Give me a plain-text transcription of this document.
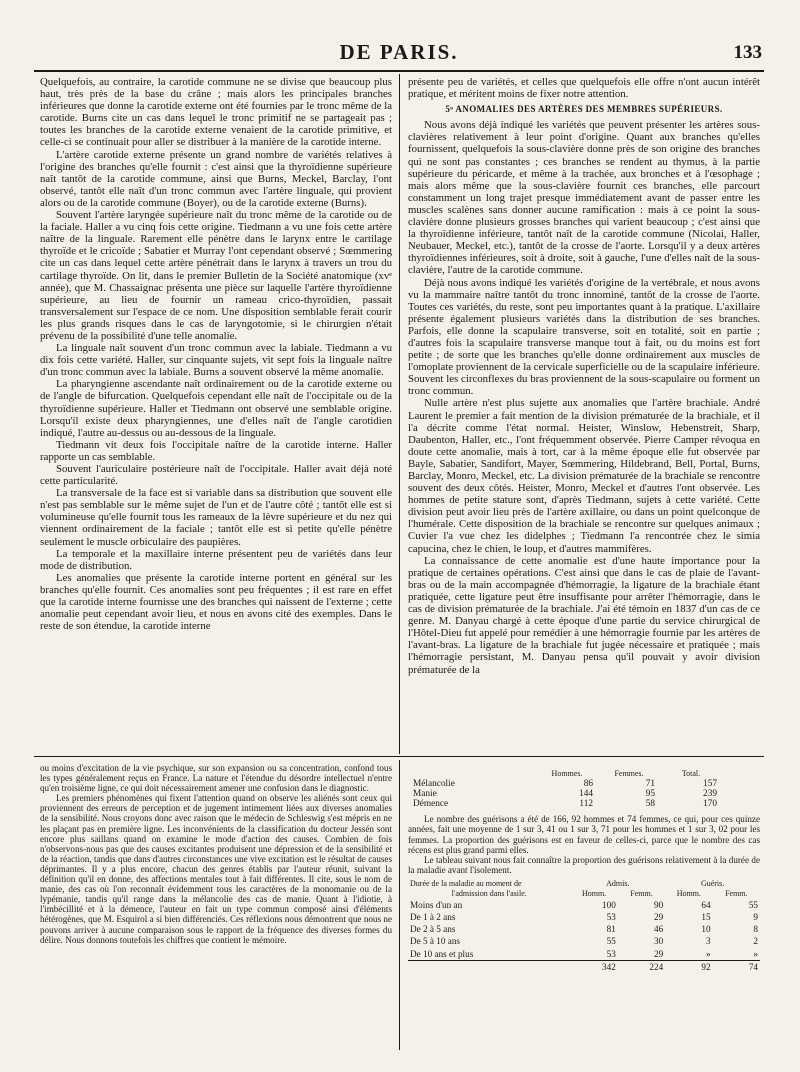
DE PARIS.	133

Quelquefois, au contraire, la carotide commune ne se divise que beaucoup plus haut, très près de la base du crâne ; mais alors les principales branches inférieures que donne la carotide externe ont été fournies par le tronc même de la carotide. Burns cite un cas dans lequel le tronc primitif ne se partageait pas ; toutes les branches de la carotide externe venaient de la carotide primitive, et celle-ci se continuait pour aller se distribuer à la manière de la carotide interne.

L'artère carotide externe présente un grand nombre de variétés relatives à l'origine des branches qu'elle fournit : c'est ainsi que la thyroïdienne supérieure naît tantôt de la carotide commune, ainsi que Burns, Meckel, Barclay, l'ont observé, tantôt elle naît d'un tronc commun avec l'artère linguale, qui provient alors ou de la carotide commune (Boyer), ou de la carotide externe (Burns).

Souvent l'artère laryngée supérieure naît du tronc même de la carotide ou de la faciale. Haller a vu cinq fois cette origine. Tiedmann a vu une fois cette artère naître de la linguale. Rarement elle pénètre dans le larynx entre le cartilage thyroïde et le cricoïde ; Sabatier et Murray l'ont cependant observé ; Sœmmering cite un cas dans lequel cette artère pénétrait dans le larynx à travers un trou du cartilage thyroïde. On lit, dans le premier Bulletin de la Société anatomique (xvᵉ année), que M. Chassaignac présenta une pièce sur laquelle l'artère thyroïdienne supérieure, au lieu de fournir un rameau crico-thyroïdien, passait transversalement sur l'espace de ce nom. Une disposition semblable ferait courir les plus grands risques dans le cas de laryngotomie, si le chirurgien n'était prévenu de la possibilité d'une telle anomalie.

La linguale naît souvent d'un tronc commun avec la labiale. Tiedmann a vu dix fois cette variété. Haller, sur cinquante sujets, vit sept fois la linguale naître d'un tronc commun avec la labiale. Burns a souvent observé la même anomalie.

La pharyngienne ascendante naît ordinairement ou de la carotide externe ou de l'angle de bifurcation. Quelquefois cependant elle naît de l'occipitale ou de la thyroïdienne supérieure. Haller et Tiedmann ont observé une semblable origine. Lorsqu'il existe deux pharyngiennes, une d'elles naît de l'angle carotidien indiqué, l'autre au-dessus ou au-dessous de la linguale.

Tiedmann vit deux fois l'occipitale naître de la carotide interne. Haller rapporte un cas semblable.

Souvent l'auriculaire postérieure naît de l'occipitale. Haller avait déjà noté cette particularité.

La transversale de la face est si variable dans sa distribution que souvent elle n'est pas semblable sur le même sujet de l'un et de l'autre côté ; tantôt elle est si volumineuse qu'elle fournit tous les rameaux de la lèvre supérieure et du nez qui viennent ordinairement de la faciale ; tantôt elle est si petite qu'elle pénètre seulement le muscle orbiculaire des paupières.

La temporale et la maxillaire interne présentent peu de variétés dans leur mode de distribution.

Les anomalies que présente la carotide interne portent en général sur les branches qu'elle fournit. Ces anomalies sont peu fréquentes ; il est rare en effet que la carotide interne fournisse une des branches qui naissent de l'externe ; cette anomalie peut cependant avoir lieu, et nous en avons cité des exemples. Dans le reste de son étendue, la carotide interne

présente peu de variétés, et celles que quelquefois elle offre n'ont aucun intérêt pratique, et méritent moins de fixer notre attention.

5ᵒ ANOMALIES DES ARTÈRES DES MEMBRES SUPÉRIEURS.

Nous avons déjà indiqué les variétés que peuvent présenter les artères sous-clavières relativement à leur point d'origine. Quant aux branches qu'elles fournissent, quelquefois la sous-clavière donne près de son origine des branches qui ne sont pas constantes ; ces branches se rendent au thymus, à la partie supérieure du péricarde, et même à la trachée, aux bronches et à l'œsophage ; mais alors même que la sous-clavière fournit ces branches, elle parcourt constamment un long trajet presque immédiatement avant de passer entre les muscles scalènes sans donner aucune ramification : mais à ce point la sous-clavière donne plusieurs grosses branches qui varient beaucoup ; c'est ainsi que la thyroïdienne inférieure, tantôt naît de la carotide commune (Nicolai, Haller, Neubauer, Meckel, etc.), tantôt de la crosse de l'aorte. Lorsqu'il y a deux artères thyroïdiennes inférieures, soit à droite, soit à gauche, l'une d'elles naît de la sous-clavière, l'autre de la carotide commune.

Déjà nous avons indiqué les variétés d'origine de la vertébrale, et nous avons vu la mammaire naître tantôt du tronc innominé, tantôt de la crosse de l'aorte. Toutes ces variétés, du reste, sont peu importantes quant à la pratique. L'axillaire présente également plusieurs variétés dans la distribution de ses branches. Parfois, elle donne la scapulaire transverse, soit en totalité, soit en partie ; d'autres fois la scapulaire transverse manque tout à fait, ou du moins est fort petite ; de sorte que les branches qu'elle donne ordinairement aux muscles de l'omoplate proviennent de la cervicale superficielle ou de la scapulaire inférieure. Souvent les circonflexes du bras proviennent de la sous-scapulaire ou forment un tronc commun.

Nulle artère n'est plus sujette aux anomalies que l'artère brachiale. André Laurent le premier a fait mention de la division prématurée de la brachiale, et il l'a décrite comme l'état normal. Heister, Winslow, Hebenstreit, Sharp, Daubenton, Haller, etc., l'ont fréquemment observée. Pierre Camper révoqua en doute cette anomalie, mais à tort, car à la même époque elle fut observée par Bayle, Sabatier, Sandifort, Mayer, Sœmmering, Hildebrand, Bell, Portal, Burns, Barclay, Monro, Meckel, etc. La division prématurée de la brachiale se rencontre souvent des deux côtés. Heister, Monro, Meckel et d'autres l'ont observée. Les hommes de petite stature sont, d'après Tiedmann, sujets à cette variété. Cette division peut avoir lieu près de l'artère axillaire, ou dans un point quelconque de l'humérale. Cette disposition de la brachiale se rencontre sur quelques animaux ; Cuvier l'a vue chez les didelphes ; Tiedmann l'a rencontrée chez le simia capucina, chez le chien, le loup, et d'autres mammifères.

La connaissance de cette anomalie est d'une haute importance pour la pratique de certaines opérations. C'est ainsi que dans le cas de plaie de l'avant-bras ou de la main accompagnée d'hémorragie, la ligature de la brachiale étant pratiquée, cette ligature peut être insuffisante pour arrêter l'hémorragie, dans le cas de division prématurée de la brachiale. J'ai été témoin en 1837 d'un cas de ce genre. M. Danyau chargé à cette époque d'une partie du service chirurgical de l'Hôtel-Dieu fut appelé pour remédier à une hémorragie fournie par les artères de l'avant-bras. La ligature de la brachiale fut jugée nécessaire et pratiquée ; mais l'hémorragie persistant, M. Danyau pensa qu'il pouvait y avoir division prématurée de la

ou moins d'excitation de la vie psychique, sur son expansion ou sa concentration, confond tous les types généralement reçus en France. La nature et l'étendue du désordre intellectuel n'entre qu'en troisième ligne, ce qui doit nécessairement amener une confusion dans le diagnostic.

Les premiers phénomènes qui fixent l'attention quand on observe les aliénés sont ceux qui proviennent des erreurs de perception et de jugement intimement liées aux diverses anomalies de la sensibilité. Nous croyons donc avec raison que le médecin de Schleswig s'est mépris en ne les plaçant pas en première ligne. Les inconvénients de la classification du docteur Jessén sont encore plus saillans quand on examine le mode d'action des causes. Combien de fois n'observons-nous pas que des causes excitantes produisent une dépression et de la sensibilité et de la réaction, tandis que dans d'autres circonstances une vive excitation est le résultat de causes déprimantes. Il y a plus encore, chacun des genres établis par l'auteur réunit, suivant la définition qu'il en donne, des affections mentales tout à fait différentes. Il cite, sous le nom de manie, des cas où l'on reconnaît évidemment tous les caractères de la monomanie ou de la lypémanie, tandis qu'il range dans la mélancolie des cas de manie. Quant à l'idiotie, à l'imbécillité et à la démence, l'auteur en fait un type commun composé ainsi d'éléments hétérogènes, que M. Esquirol a si bien différenciés. Ces réflexions nous démontrent que nous ne pouvons arriver à aucune comparaison sous le rapport de la fréquence des diverses formes du délire. Nous donnons toutefois les chiffres que contient le mémoire.

	Hommes.	Femmes.	Total.
Mélancolie	86	71	157
Manie	144	95	239
Démence	112	58	170

Le nombre des guérisons a été de 166, 92 hommes et 74 femmes, ce qui, pour ces quinze années, fait une moyenne de 1 sur 3, 41 ou 1 sur 3, 71 pour les hommes et 1 sur 3, 02 pour les femmes. La proportion des guérisons est en faveur de celles-ci, parce que le nombre des cas récens est plus grand parmi elles.

Le tableau suivant nous fait connaître la proportion des guérisons relativement à la durée de la maladie avant l'isolement.

Durée de la maladie au moment de	Admis.		Guéris.	
l'admission dans l'asile.	Homm.	Femm.	Homm.	Femm.
Moins d'un an	100	90	64	55
De 1 à 2 ans	53	29	15	9
De 2 à 5 ans	81	46	10	8
De 5 à 10 ans	55	30	3	2
De 10 ans et plus	53	29	»	»
	342	224	92	74
